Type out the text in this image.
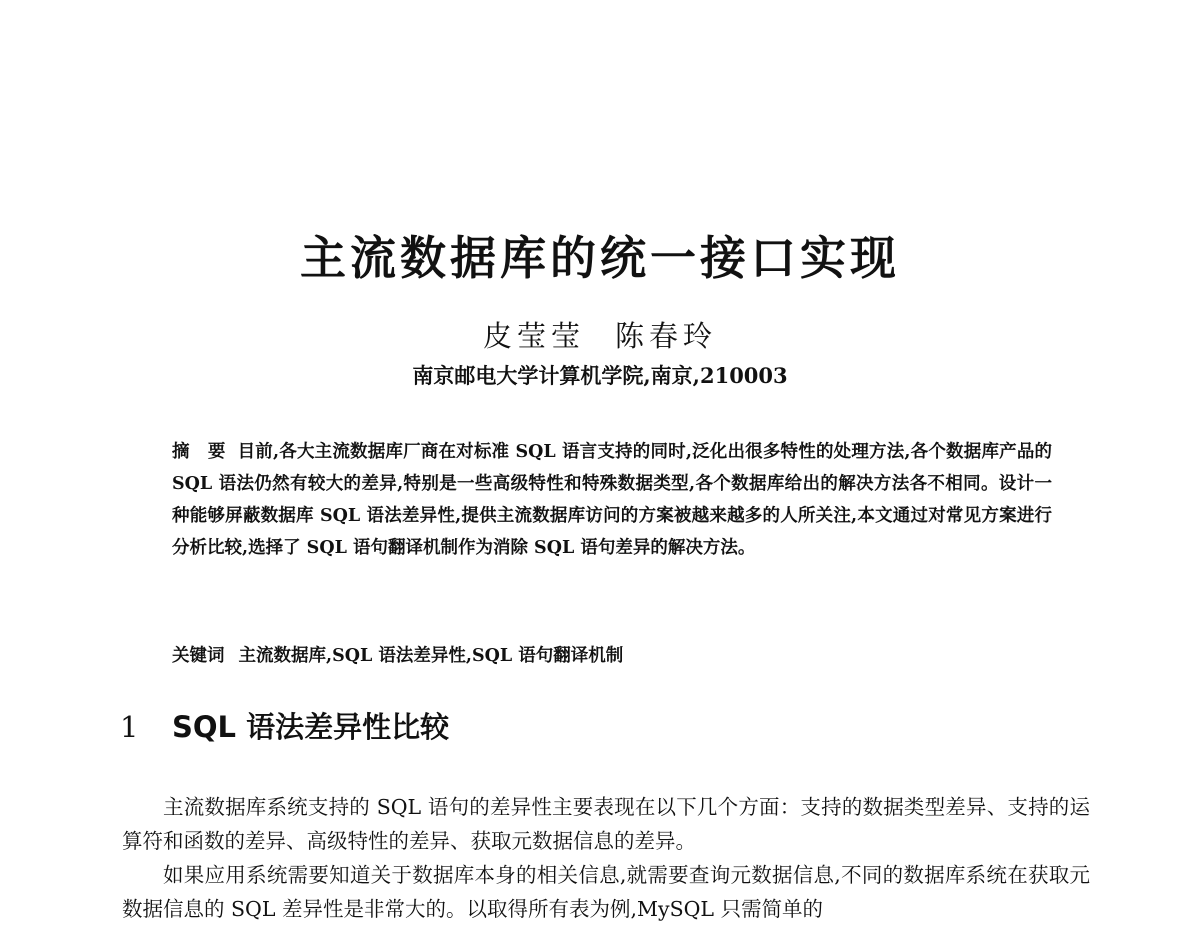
主流数据库的统一接口实现
皮莹莹 陈春玲
南京邮电大学计算机学院,南京,210003
摘 要 目前,各大主流数据库厂商在对标准 SQL 语言支持的同时,泛化出很多特性的处理方法,各个数据库产品的 SQL 语法仍然有较大的差异,特别是一些高级特性和特殊数据类型,各个数据库给出的解决方法各不相同。设计一种能够屏蔽数据库 SQL 语法差异性,提供主流数据库访问的方案被越来越多的人所关注,本文通过对常见方案进行分析比较,选择了 SQL 语句翻译机制作为消除 SQL 语句差异的解决方法。
关键词 主流数据库,SQL 语法差异性,SQL 语句翻译机制
1 SQL 语法差异性比较

主流数据库系统支持的 SQL 语句的差异性主要表现在以下几个方面：支持的数据类型差异、支持的运算符和函数的差异、高级特性的差异、获取元数据信息的差异。

如果应用系统需要知道关于数据库本身的相关信息,就需要查询元数据信息,不同的数据库系统在获取元数据信息的 SQL 差异性是非常大的。以取得所有表为例,MySQL 只需简单的
